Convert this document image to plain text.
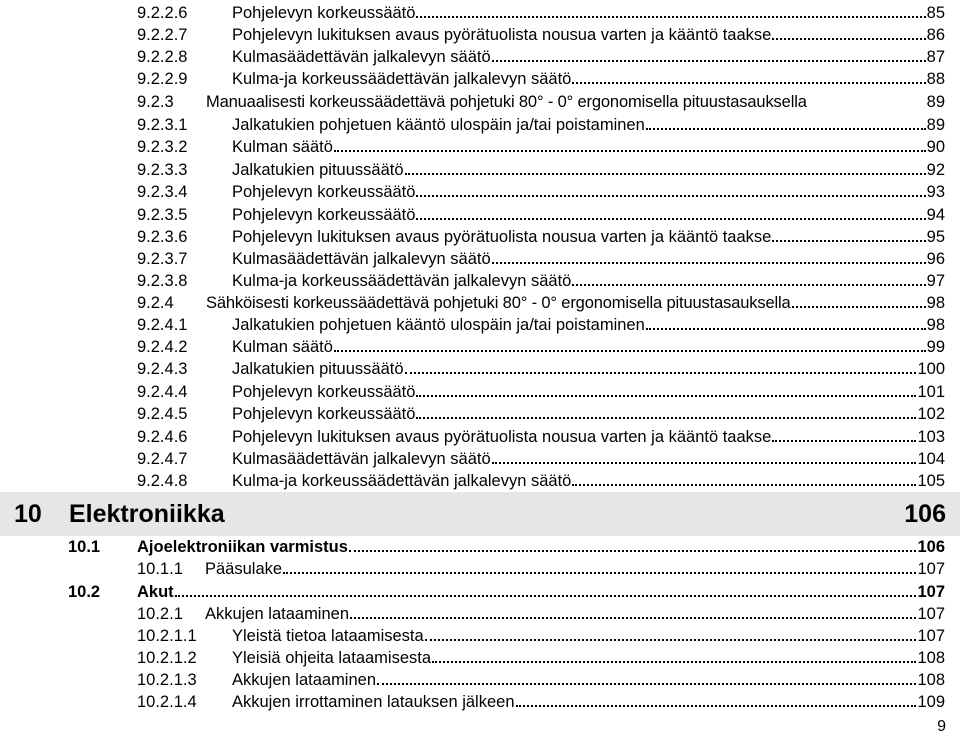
9.2.2.6	Pohjelevyn korkeussäätö	85
9.2.2.7	Pohjelevyn lukituksen avaus pyörätuolista nousua varten ja kääntö taakse	86
9.2.2.8	Kulmasäädettävän jalkalevyn säätö	87
9.2.2.9	Kulma-ja korkeussäädettävän jalkalevyn säätö	88
9.2.3	Manuaalisesti korkeussäädettävä pohjetuki 80° - 0° ergonomisella pituustasauksella	89
9.2.3.1	Jalkatukien pohjetuen kääntö ulospäin ja/tai poistaminen	89
9.2.3.2	Kulman säätö	90
9.2.3.3	Jalkatukien pituussäätö	92
9.2.3.4	Pohjelevyn korkeussäätö	93
9.2.3.5	Pohjelevyn korkeussäätö	94
9.2.3.6	Pohjelevyn lukituksen avaus pyörätuolista nousua varten ja kääntö taakse	95
9.2.3.7	Kulmasäädettävän jalkalevyn säätö	96
9.2.3.8	Kulma-ja korkeussäädettävän jalkalevyn säätö	97
9.2.4	Sähköisesti korkeussäädettävä pohjetuki 80° - 0° ergonomisella pituustasauksella	98
9.2.4.1	Jalkatukien pohjetuen kääntö ulospäin ja/tai poistaminen	98
9.2.4.2	Kulman säätö	99
9.2.4.3	Jalkatukien pituussäätö	100
9.2.4.4	Pohjelevyn korkeussäätö	101
9.2.4.5	Pohjelevyn korkeussäätö	102
9.2.4.6	Pohjelevyn lukituksen avaus pyörätuolista nousua varten ja kääntö taakse	103
9.2.4.7	Kulmasäädettävän jalkalevyn säätö	104
9.2.4.8	Kulma-ja korkeussäädettävän jalkalevyn säätö	105
10 Elektroniikka	106
10.1	Ajoelektroniikan varmistus	106
10.1.1	Pääsulake	107
10.2	Akut	107
10.2.1	Akkujen lataaminen	107
10.2.1.1	Yleistä tietoa lataamisesta	107
10.2.1.2	Yleisiä ohjeita lataamisesta	108
10.2.1.3	Akkujen lataaminen	108
10.2.1.4	Akkujen irrottaminen latauksen jälkeen	109
9
